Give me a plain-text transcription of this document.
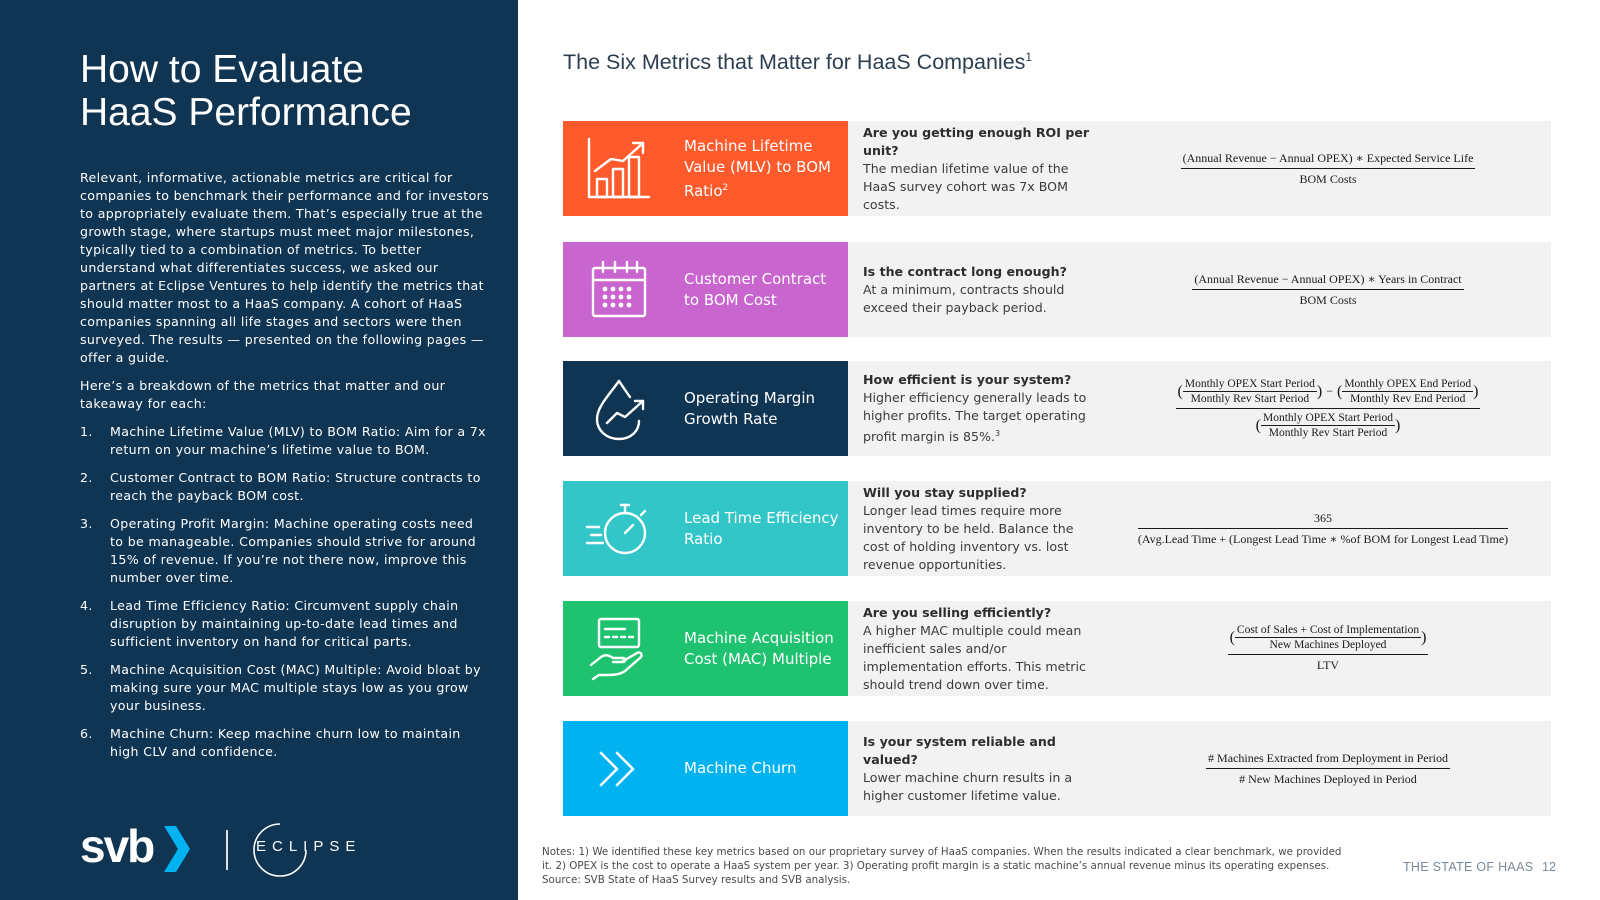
How to Evaluate
HaaS Performance

Relevant, informative, actionable metrics are critical for companies to benchmark their performance and for investors to appropriately evaluate them. That’s especially true at the growth stage, where startups must meet major milestones, typically tied to a combination of metrics. To better understand what differentiates success, we asked our partners at Eclipse Ventures to help identify the metrics that should matter most to a HaaS company. A cohort of HaaS companies spanning all life stages and sectors were then surveyed. The results — presented on the following pages — offer a guide.

Here’s a breakdown of the metrics that matter and our takeaway for each:

1.	Machine Lifetime Value (MLV) to BOM Ratio: Aim for a 7x return on your machine’s lifetime value to BOM.
2.	Customer Contract to BOM Ratio: Structure contracts to reach the payback BOM cost.
3.	Operating Profit Margin: Machine operating costs need to be manageable. Companies should strive for around 15% of revenue. If you’re not there now, improve this number over time.
4.	Lead Time Efficiency Ratio: Circumvent supply chain disruption by maintaining up-to-date lead times and sufficient inventory on hand for critical parts.
5.	Machine Acquisition Cost (MAC) Multiple: Avoid bloat by making sure your MAC multiple stays low as you grow your business.
6.	Machine Churn: Keep machine churn low to maintain high CLV and confidence.
svb	ECLIPSE
The Six Metrics that Matter for HaaS Companies$^1$
Machine Lifetime Value (MLV) to BOM Ratio$^2$
Are you getting enough ROI per unit?
The median lifetime value of the HaaS survey cohort was 7x BOM costs.
$\frac{\text{(Annual Revenue − Annual OPEX) ∗ Expected Service Life}}{\text{BOM Costs}}$
Customer Contract to BOM Cost
Is the contract long enough?
At a minimum, contracts should exceed their payback period.	$\frac{\text{(Annual Revenue − Annual OPEX) ∗ Years in Contract}}{\text{BOM Costs}}$
Operating Margin Growth Rate
How efficient is your system?
Higher efficiency generally leads to higher profits. The target operating profit margin is 85%.$^3$
( $\frac{\text{Monthly OPEX Start Period}}{\text{Monthly Rev Start Period}}$ ) − ( $\frac{\text{Monthly OPEX End Period}}{\text{Monthly Rev End Period}}$ )
( $\frac{\text{Monthly OPEX Start Period}}{\text{Monthly Rev Start Period}}$ )
Lead Time Efficiency Ratio
Will you stay supplied?
Longer lead times require more inventory to be held. Balance the cost of holding inventory vs. lost revenue opportunities.
365
(Avg.Lead Time + (Longest Lead Time ∗ %of BOM for Longest Lead Time)
Machine Acquisition Cost (MAC) Multiple
Are you selling efficiently?
A higher MAC multiple could mean inefficient sales and/or implementation efforts. This metric should trend down over time.
( $\frac{\text{Cost of Sales + Cost of Implementation}}{\text{New Machines Deployed}}$ )
LTV
Machine Churn
Is your system reliable and valued?
Lower machine churn results in a higher customer lifetime value.
$\frac{\text{\# Machines Extracted from Deployment in Period}}{\text{\# New Machines Deployed in Period}}$
Notes: 1) We identified these key metrics based on our proprietary survey of HaaS companies. When the results indicated a clear benchmark, we provided
it. 2) OPEX is the cost to operate a HaaS system per year. 3) Operating profit margin is a static machine’s annual revenue minus its operating expenses.
Source: SVB State of HaaS Survey results and SVB analysis.
THE STATE OF HAAS 12
